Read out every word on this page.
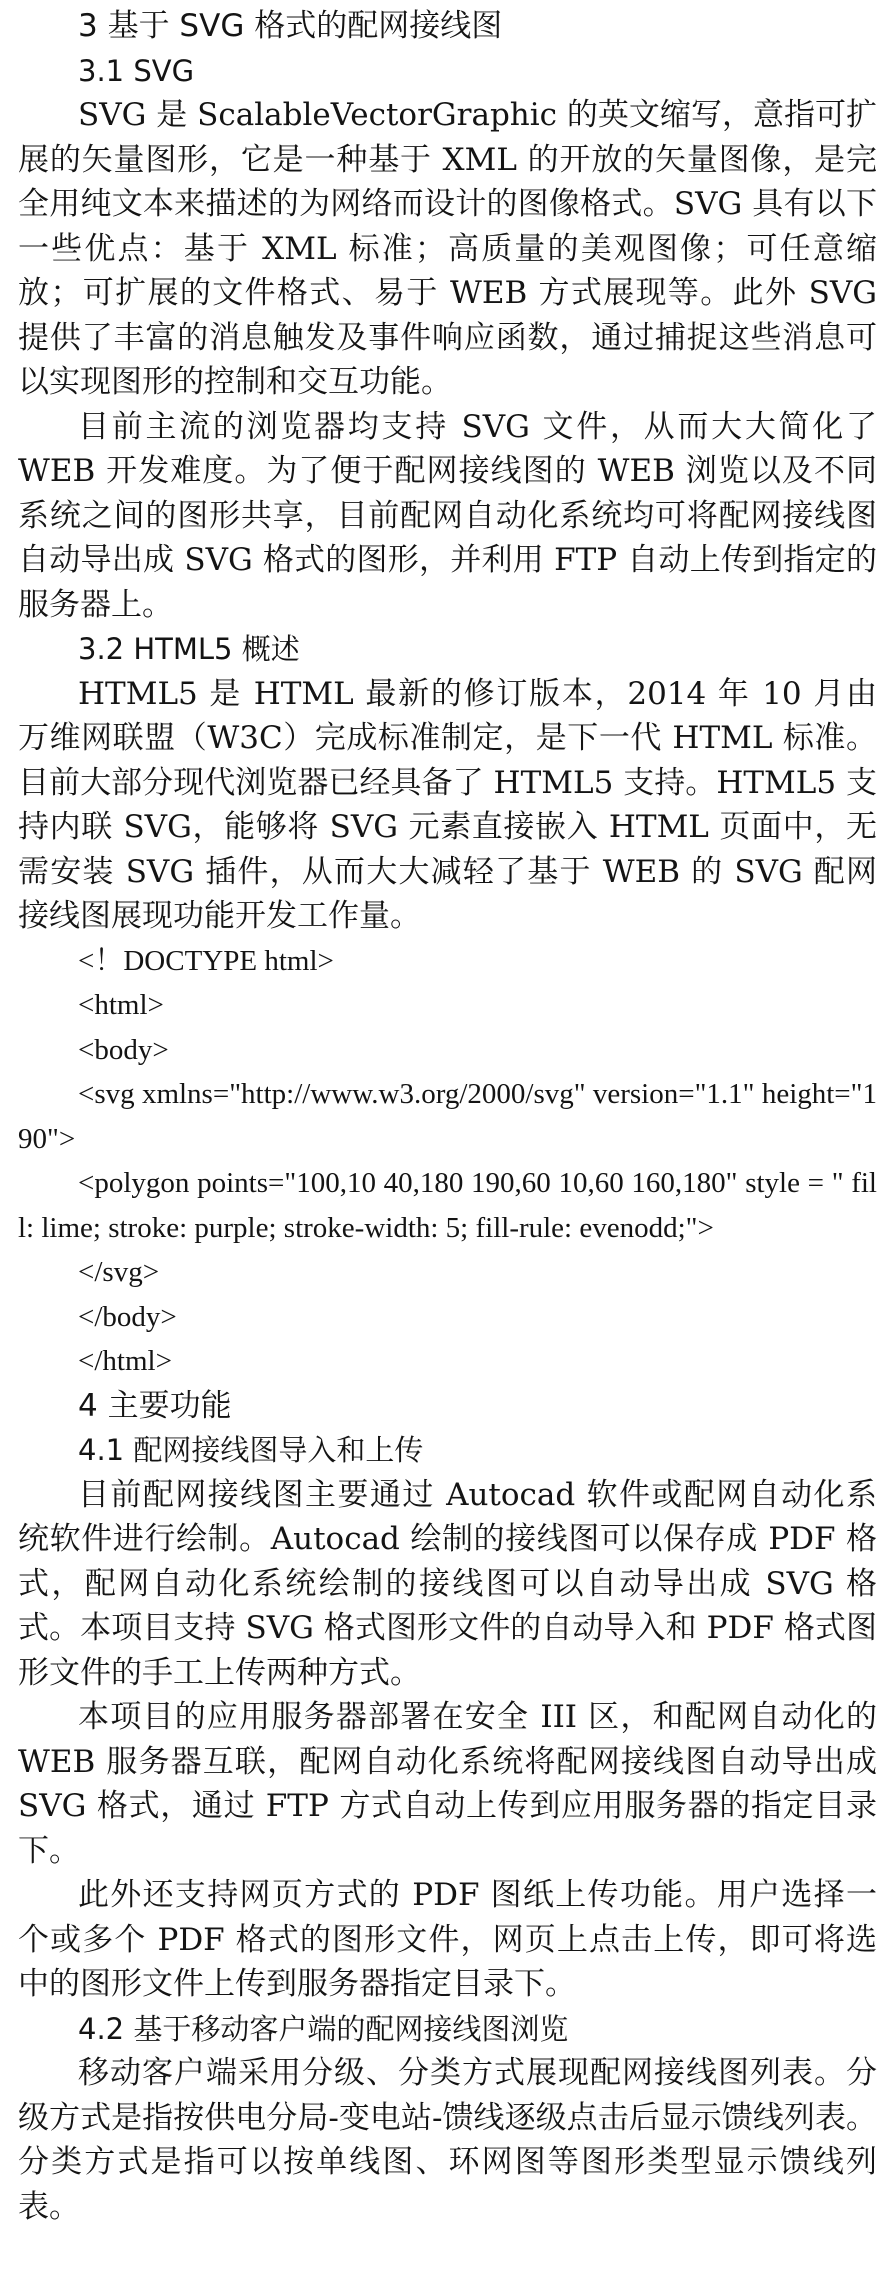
3 基于 SVG 格式的配网接线图
3.1 SVG

SVG 是 ScalableVectorGraphic 的英文缩写，意指可扩展的矢量图形，它是一种基于 XML 的开放的矢量图像，是完全用纯文本来描述的为网络而设计的图像格式。SVG 具有以下一些优点：基于 XML 标准；高质量的美观图像；可任意缩放；可扩展的文件格式、易于 WEB 方式展现等。此外 SVG 提供了丰富的消息触发及事件响应函数，通过捕捉这些消息可以实现图形的控制和交互功能。

目前主流的浏览器均支持 SVG 文件，从而大大简化了 WEB 开发难度。为了便于配网接线图的 WEB 浏览以及不同系统之间的图形共享，目前配网自动化系统均可将配网接线图自动导出成 SVG 格式的图形，并利用 FTP 自动上传到指定的服务器上。

3.2 HTML5 概述

HTML5 是 HTML 最新的修订版本，2014 年 10 月由万维网联盟（W3C）完成标准制定，是下一代 HTML 标准。目前大部分现代浏览器已经具备了 HTML5 支持。HTML5 支持内联 SVG，能够将 SVG 元素直接嵌入 HTML 页面中，无需安装 SVG 插件，从而大大减轻了基于 WEB 的 SVG 配网接线图展现功能开发工作量。

<！DOCTYPE html>

<html>

<body>

<svg xmlns="http://www.w3.org/2000/svg" version="1.1" height="190">

<polygon points="100,10 40,180 190,60 10,60 160,180" style = " fill: lime; stroke: purple; stroke-width: 5; fill-rule: evenodd;">

</svg>

</body>

</html>

4 主要功能
4.1 配网接线图导入和上传

目前配网接线图主要通过 Autocad 软件或配网自动化系统软件进行绘制。Autocad 绘制的接线图可以保存成 PDF 格式，配网自动化系统绘制的接线图可以自动导出成 SVG 格式。本项目支持 SVG 格式图形文件的自动导入和 PDF 格式图形文件的手工上传两种方式。

本项目的应用服务器部署在安全 III 区，和配网自动化的 WEB 服务器互联，配网自动化系统将配网接线图自动导出成 SVG 格式，通过 FTP 方式自动上传到应用服务器的指定目录下。

此外还支持网页方式的 PDF 图纸上传功能。用户选择一个或多个 PDF 格式的图形文件，网页上点击上传，即可将选中的图形文件上传到服务器指定目录下。

4.2 基于移动客户端的配网接线图浏览

移动客户端采用分级、分类方式展现配网接线图列表。分级方式是指按供电分局-变电站-馈线逐级点击后显示馈线列表。分类方式是指可以按单线图、环网图等图形类型显示馈线列表。
